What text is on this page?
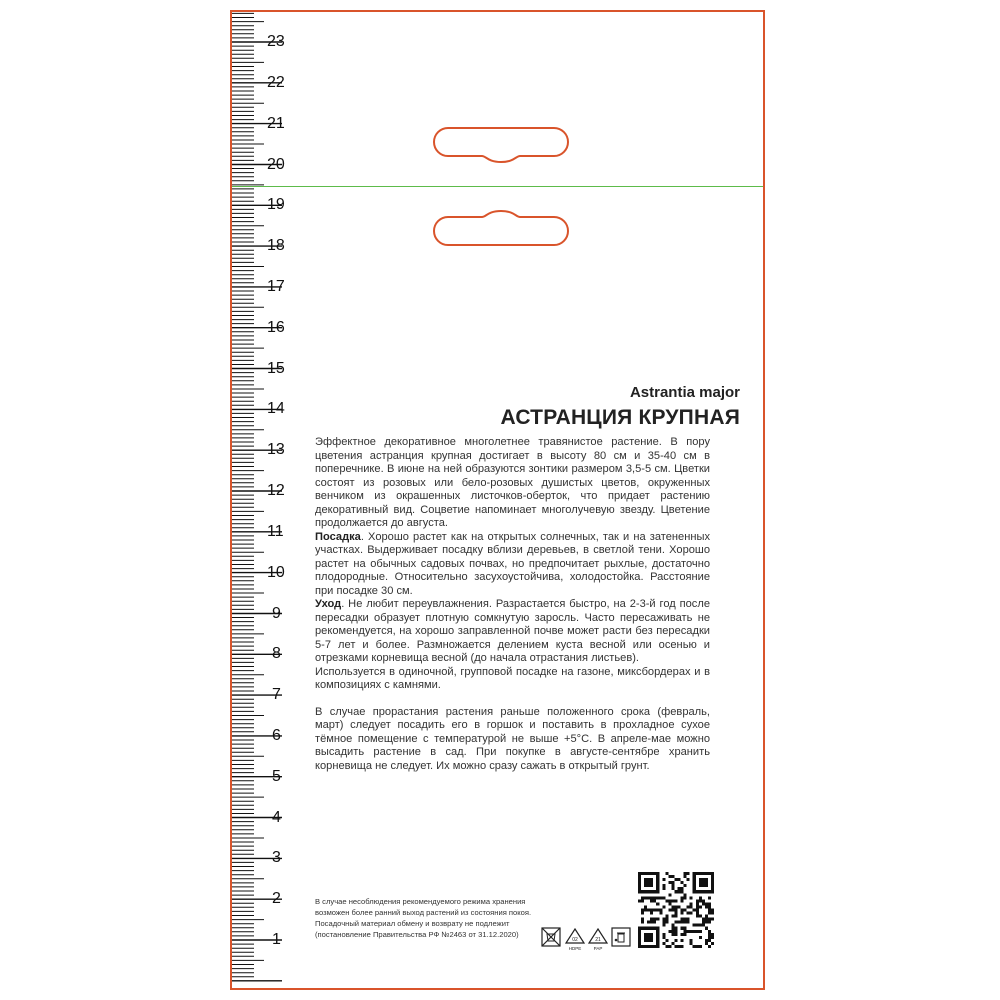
23
22
21
20
19
18
17
16
15
14
13
12
11
10
9
8
7
6
5
4
3
2
1
Astrantia major
АСТРАНЦИЯ КРУПНАЯ

Эффектное декоративное многолетнее травянистое растение. В пору цветения астранция крупная достигает в высоту 80 см и 35-40 см в поперечнике. В июне на ней образуются зонтики размером 3,5-5 см. Цветки состоят из розовых или бело-розовых душистых цветов, окруженных венчиком из окрашенных листочков-обертoк, что придает растению декоративный вид. Соцветие напоминает многолучевую звезду. Цветение продолжается до августа.

Посадка. Хорошо растет как на открытых солнечных, так и на затененных участках. Выдерживает посадку вблизи деревьев, в светлой тени. Хорошо растет на обычных садовых почвах, но предпочитает рыхлые, достаточно плодородные. Относительно засухоустойчива, холодостойка. Расстояние при посадке 30 см.

Уход. Не любит переувлажнения. Разрастается быстро, на 2-3-й год после пересадки образует плотную сомкнутую заросль. Часто пересаживать не рекомендуется, на хорошо заправленной почве может расти без пересадки 5-7 лет и более. Размножается делением куста весной или осенью и отрезками корневища весной (до начала отрастания листьев).

Используется в одиночной, групповой посадке на газоне, миксбордерах и в композициях с камнями.

В случае прорастания растения раньше положенного срока (февраль, март) следует посадить его в горшок и поставить в прохладное сухое тёмное помещение с температурой не выше +5°С. В апреле-мае можно высадить растение в сад. При покупке в августе-сентябре хранить корневища не следует. Их можно сразу сажать в открытый грунт.

В случае несоблюдения рекомендуемого режима хранения
возможен более ранний выход растений из состояния покоя.
Посадочный материал обмену и возврату не подлежит
(постановление Правительства РФ №2463 от 31.12.2020)
02
HDPE
21
PAP
